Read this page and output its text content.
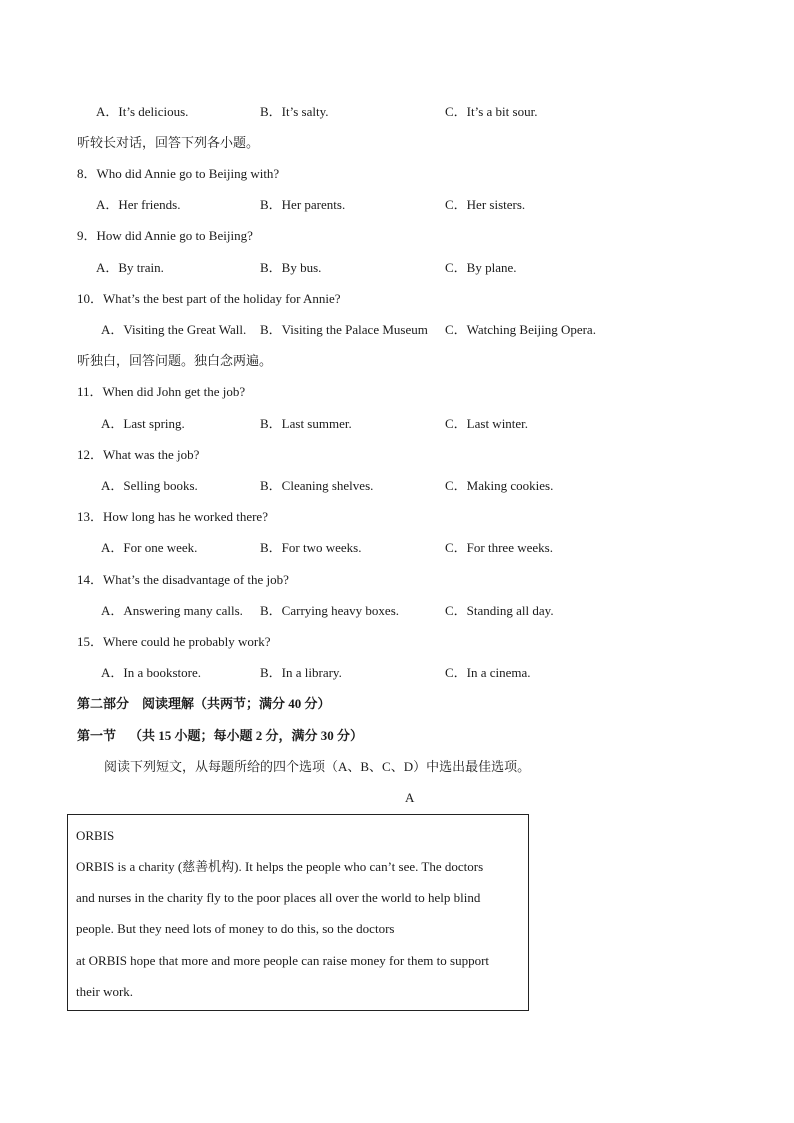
A．It’s delicious.	B．It’s salty.	C．It’s a bit sour.
听较长对话，回答下列各小题。
8．Who did Annie go to Beijing with?
A．Her friends.	B．Her parents.	C．Her sisters.
9．How did Annie go to Beijing?
A．By train.	B．By bus.	C．By plane.
10．What’s the best part of the holiday for Annie?
A．Visiting the Great Wall. B．Visiting the Palace Museum C．Watching Beijing Opera.
听独白，回答问题。独白念两遍。
11．When did John get the job?
A．Last spring.	B．Last summer.	C．Last winter.
12．What was the job?
A．Selling books.	B．Cleaning shelves.	C．Making cookies.
13．How long has he worked there?
A．For one week.	B．For two weeks.	C．For three weeks.
14．What’s the disadvantage of the job?
A．Answering many calls. B．Carrying heavy boxes.	C．Standing all day.
15．Where could he probably work?
A．In a bookstore.	B．In a library.	C．In a cinema.
第二部分    阅读理解（共两节；满分 40 分）
第一节    （共 15 小题；每小题 2 分，满分 30 分）
阅读下列短文，从每题所给的四个选项（A、B、C、D）中选出最佳选项。
A
ORBIS
ORBIS is a charity (慈善机构). It helps the people who can’t see. The doctors
and nurses in the charity fly to the poor places all over the world to help blind
people. But they need lots of money to do this, so the doctors
at ORBIS hope that more and more people can raise money for them to support
their work.
